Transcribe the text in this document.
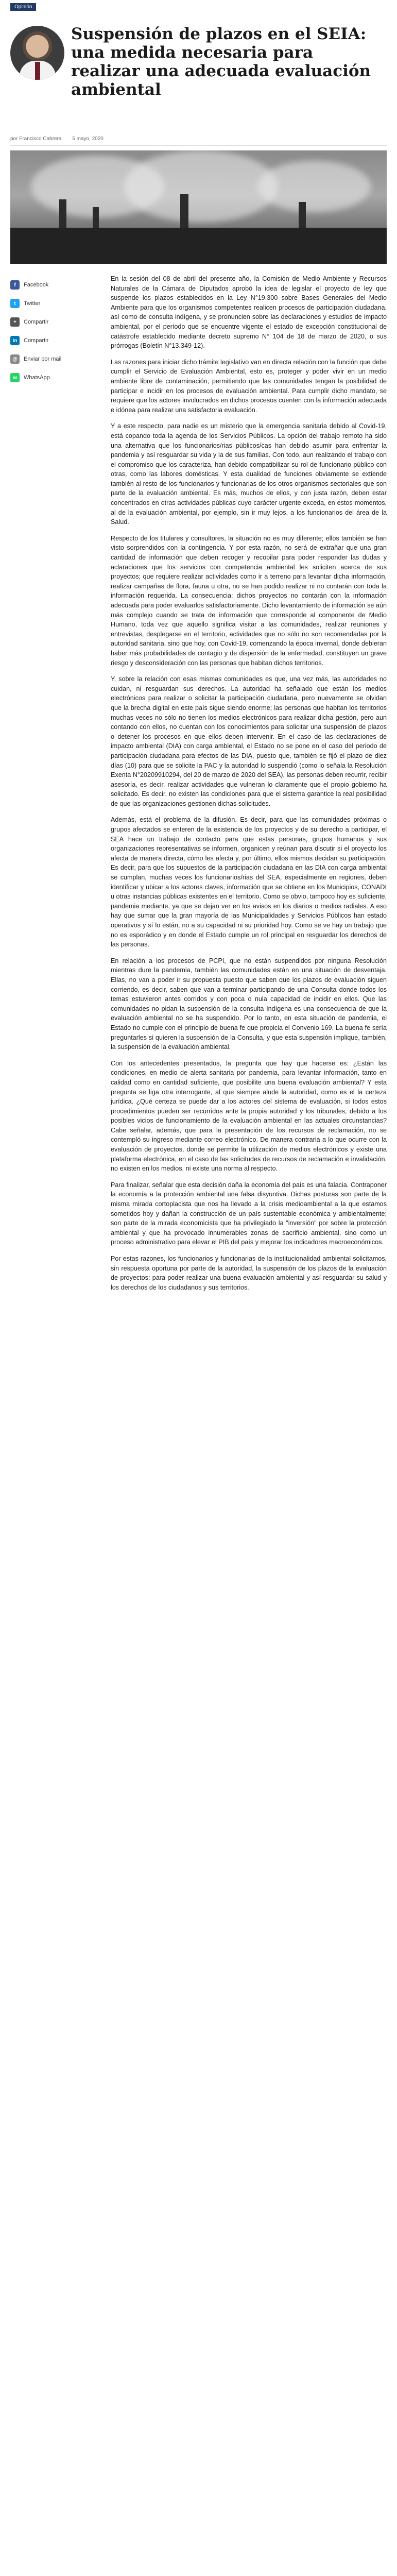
Opinión
Suspensión de plazos en el SEIA: una medida necesaria para realizar una adecuada evaluación ambiental
por Francisco Cabrera 5 mayo, 2020
f	Facebook
t	Twitter
+	Compartir
in	Compartir
@	Enviar por mail
w	WhatsApp

En la sesión del 08 de abril del presente año, la Comisión de Medio Ambiente y Recursos Naturales de la Cámara de Diputados aprobó la idea de legislar el proyecto de ley que suspende los plazos establecidos en la Ley N°19.300 sobre Bases Generales del Medio Ambiente para que los organismos competentes realicen procesos de participación ciudadana, así como de consulta indígena, y se pronuncien sobre las declaraciones y estudios de impacto ambiental, por el período que se encuentre vigente el estado de excepción constitucional de catástrofe establecido mediante decreto supremo N° 104 de 18 de marzo de 2020, o sus prórrogas (Boletín N°13.349-12).

Las razones para iniciar dicho trámite legislativo van en directa relación con la función que debe cumplir el Servicio de Evaluación Ambiental, esto es, proteger y poder vivir en un medio ambiente libre de contaminación, permitiendo que las comunidades tengan la posibilidad de participar e incidir en los procesos de evaluación ambiental. Para cumplir dicho mandato, se requiere que los actores involucrados en dichos procesos cuenten con la información adecuada e idónea para realizar una satisfactoria evaluación.

Y a este respecto, para nadie es un misterio que la emergencia sanitaria debido al Covid-19, está copando toda la agenda de los Servicios Públicos. La opción del trabajo remoto ha sido una alternativa que los funcionarios/rias públicos/cas han debido asumir para enfrentar la pandemia y así resguardar su vida y la de sus familias. Con todo, aun realizando el trabajo con el compromiso que los caracteriza, han debido compatibilizar su rol de funcionario público con otras, como las labores domésticas. Y esta dualidad de funciones obviamente se extiende también al resto de los funcionarios y funcionarias de los otros organismos sectoriales que son parte de la evaluación ambiental. Es más, muchos de ellos, y con justa razón, deben estar concentrados en otras actividades públicas cuyo carácter urgente exceda, en estos momentos, al de la evaluación ambiental, por ejemplo, sin ir muy lejos, a los funcionarios del área de la Salud.

Respecto de los titulares y consultores, la situación no es muy diferente; ellos también se han visto sorprendidos con la contingencia. Y por esta razón, no será de extrañar que una gran cantidad de información que deben recoger y recopilar para poder responder las dudas y aclaraciones que los servicios con competencia ambiental les soliciten acerca de sus proyectos; que requiere realizar actividades como ir a terreno para levantar dicha información, realizar campañas de flora, fauna u otra, no se han podido realizar ni no contarán con toda la información requerida. La consecuencia: dichos proyectos no contarán con la información adecuada para poder evaluarlos satisfactoriamente. Dicho levantamiento de información se aún más complejo cuando se trata de información que corresponde al componente de Medio Humano, toda vez que aquello significa visitar a las comunidades, realizar reuniones y entrevistas, desplegarse en el territorio, actividades que no sólo no son recomendadas por la autoridad sanitaria, sino que hoy, con Covid-19, comenzando la época invernal, donde debieran haber más probabilidades de contagio y de dispersión de la enfermedad, constituyen un grave riesgo y desconsideración con las personas que habitan dichos territorios.

Y, sobre la relación con esas mismas comunidades es que, una vez más, las autoridades no cuidan, ni resguardan sus derechos. La autoridad ha señalado que están los medios electrónicos para realizar o solicitar la participación ciudadana, pero nuevamente se olvidan que la brecha digital en este país sigue siendo enorme; las personas que habitan los territorios muchas veces no sólo no tienen los medios electrónicos para realizar dicha gestión, pero aun contando con ellos, no cuentan con los conocimientos para solicitar una suspensión de plazos o detener los procesos en que ellos deben intervenir. En el caso de las declaraciones de impacto ambiental (DIA) con carga ambiental, el Estado no se pone en el caso del periodo de participación ciudadana para efectos de las DIA, puesto que, también se fijó el plazo de diez días (10) para que se solicite la PAC y la autoridad lo suspendió (como lo señala la Resolución Exenta N°20209910294, del 20 de marzo de 2020 del SEA), las personas deben recurrir, recibir asesoría, es decir, realizar actividades que vulneran lo claramente que el propio gobierno ha solicitado. Es decir, no existen las condiciones para que el sistema garantice la real posibilidad de que las organizaciones gestionen dichas solicitudes.

Además, está el problema de la difusión. Es decir, para que las comunidades próximas o grupos afectados se enteren de la existencia de los proyectos y de su derecho a participar, el SEA hace un trabajo de contacto para que estas personas, grupos humanos y sus organizaciones representativas se informen, organicen y reúnan para discutir si el proyecto los afecta de manera directa, cómo les afecta y, por último, ellos mismos decidan su participación. Es decir, para que los supuestos de la participación ciudadana en las DIA con carga ambiental se cumplan, muchas veces los funcionarios/rias del SEA, especialmente en regiones, deben identificar y ubicar a los actores claves, información que se obtiene en los Municipios, CONADI u otras instancias públicas existentes en el territorio. Como se obvio, tampoco hoy es suficiente, pandemia mediante, ya que se dejan ver en los avisos en los diarios o medios radiales. A eso hay que sumar que la gran mayoría de las Municipalidades y Servicios Públicos han estado operativos y sí lo están, no a su capacidad ni su prioridad hoy. Como se ve hay un trabajo que no es esporádico y en donde el Estado cumple un rol principal en resguardar los derechos de las personas.

En relación a los procesos de PCPI, que no están suspendidos por ninguna Resolución mientras dure la pandemia, también las comunidades están en una situación de desventaja. Ellas, no van a poder ir su propuesta puesto que saben que los plazos de evaluación siguen corriendo, es decir, saben que van a terminar participando de una Consulta donde todos los temas estuvieron antes corridos y con poca o nula capacidad de incidir en ellos. Que las comunidades no pidan la suspensión de la consulta Indígena es una consecuencia de que la evaluación ambiental no se ha suspendido. Por lo tanto, en esta situación de pandemia, el Estado no cumple con el principio de buena fe que propicia el Convenio 169. La buena fe sería preguntarles si quieren la suspensión de la Consulta, y que esta suspensión implique, también, la suspensión de la evaluación ambiental.

Con los antecedentes presentados, la pregunta que hay que hacerse es: ¿Están las condiciones, en medio de alerta sanitaria por pandemia, para levantar información, tanto en calidad como en cantidad suficiente, que posibilite una buena evaluación ambiental? Y esta pregunta se liga otra interrogante, al que siempre alude la autoridad, como es el la certeza jurídica. ¿Qué certeza se puede dar a los actores del sistema de evaluación, si todos estos procedimientos pueden ser recurridos ante la propia autoridad y los tribunales, debido a los posibles vicios de funcionamiento de la evaluación ambiental en las actuales circunstancias? Cabe señalar, además, que para la presentación de los recursos de reclamación, no se contempló su ingreso mediante correo electrónico. De manera contraria a lo que ocurre con la evaluación de proyectos, donde se permite la utilización de medios electrónicos y existe una plataforma electrónica, en el caso de las solicitudes de recursos de reclamación e invalidación, no existen en los medios, ni existe una norma al respecto.

Para finalizar, señalar que esta decisión daña la economía del país es una falacia. Contraponer la economía a la protección ambiental una falsa disyuntiva. Dichas posturas son parte de la misma mirada cortoplacista que nos ha llevado a la crisis medioambiental a la que estamos sometidos hoy y dañan la construcción de un país sustentable económica y ambientalmente; son parte de la mirada economicista que ha privilegiado la "inversión" por sobre la protección ambiental y que ha provocado innumerables zonas de sacrificio ambiental, sino como un proceso administrativo para elevar el PIB del país y mejorar los indicadores macroeconómicos.

Por estas razones, los funcionarios y funcionarias de la institucionalidad ambiental solicitamos, sin respuesta oportuna por parte de la autoridad, la suspensión de los plazos de la evaluación de proyectos: para poder realizar una buena evaluación ambiental y así resguardar su salud y los derechos de los ciudadanos y sus territorios.
